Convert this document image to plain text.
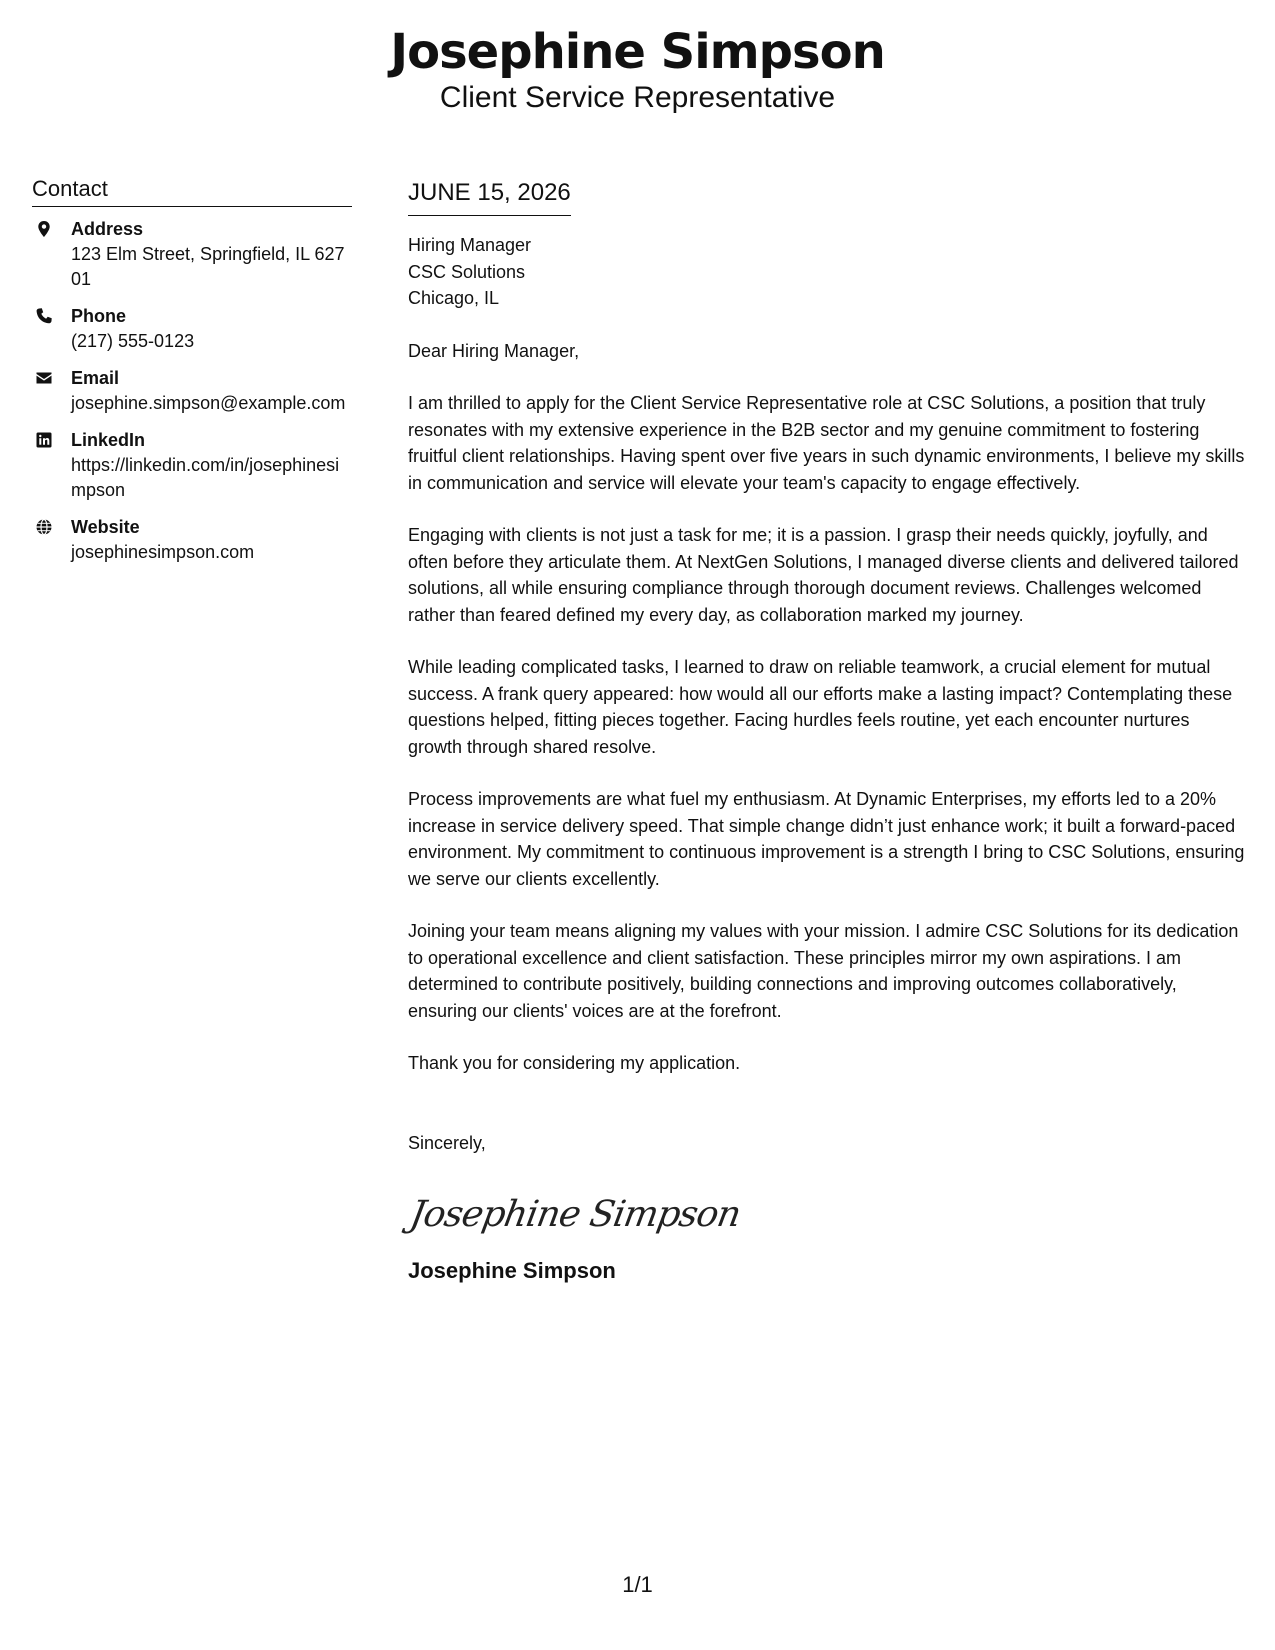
Josephine Simpson
Client Service Representative
Contact
Address
123 Elm Street, Springfield, IL 62701
Phone
(217) 555-0123
Email
josephine.simpson@example.com
LinkedIn
https://linkedin.com/in/josephinesimpson
Website
josephinesimpson.com
JUNE 15, 2026
Hiring Manager
CSC Solutions
Chicago, IL
Dear Hiring Manager,
I am thrilled to apply for the Client Service Representative role at CSC Solutions, a position that truly resonates with my extensive experience in the B2B sector and my genuine commitment to fostering fruitful client relationships. Having spent over five years in such dynamic environments, I believe my skills in communication and service will elevate your team's capacity to engage effectively.
Engaging with clients is not just a task for me; it is a passion. I grasp their needs quickly, joyfully, and often before they articulate them. At NextGen Solutions, I managed diverse clients and delivered tailored solutions, all while ensuring compliance through thorough document reviews. Challenges welcomed rather than feared defined my every day, as collaboration marked my journey.
While leading complicated tasks, I learned to draw on reliable teamwork, a crucial element for mutual success. A frank query appeared: how would all our efforts make a lasting impact? Contemplating these questions helped, fitting pieces together. Facing hurdles feels routine, yet each encounter nurtures growth through shared resolve.
Process improvements are what fuel my enthusiasm. At Dynamic Enterprises, my efforts led to a 20% increase in service delivery speed. That simple change didn’t just enhance work; it built a forward-paced environment. My commitment to continuous improvement is a strength I bring to CSC Solutions, ensuring we serve our clients excellently.
Joining your team means aligning my values with your mission. I admire CSC Solutions for its dedication to operational excellence and client satisfaction. These principles mirror my own aspirations. I am determined to contribute positively, building connections and improving outcomes collaboratively, ensuring our clients' voices are at the forefront.
Thank you for considering my application.
Sincerely,
Josephine Simpson
Josephine Simpson
1/1
